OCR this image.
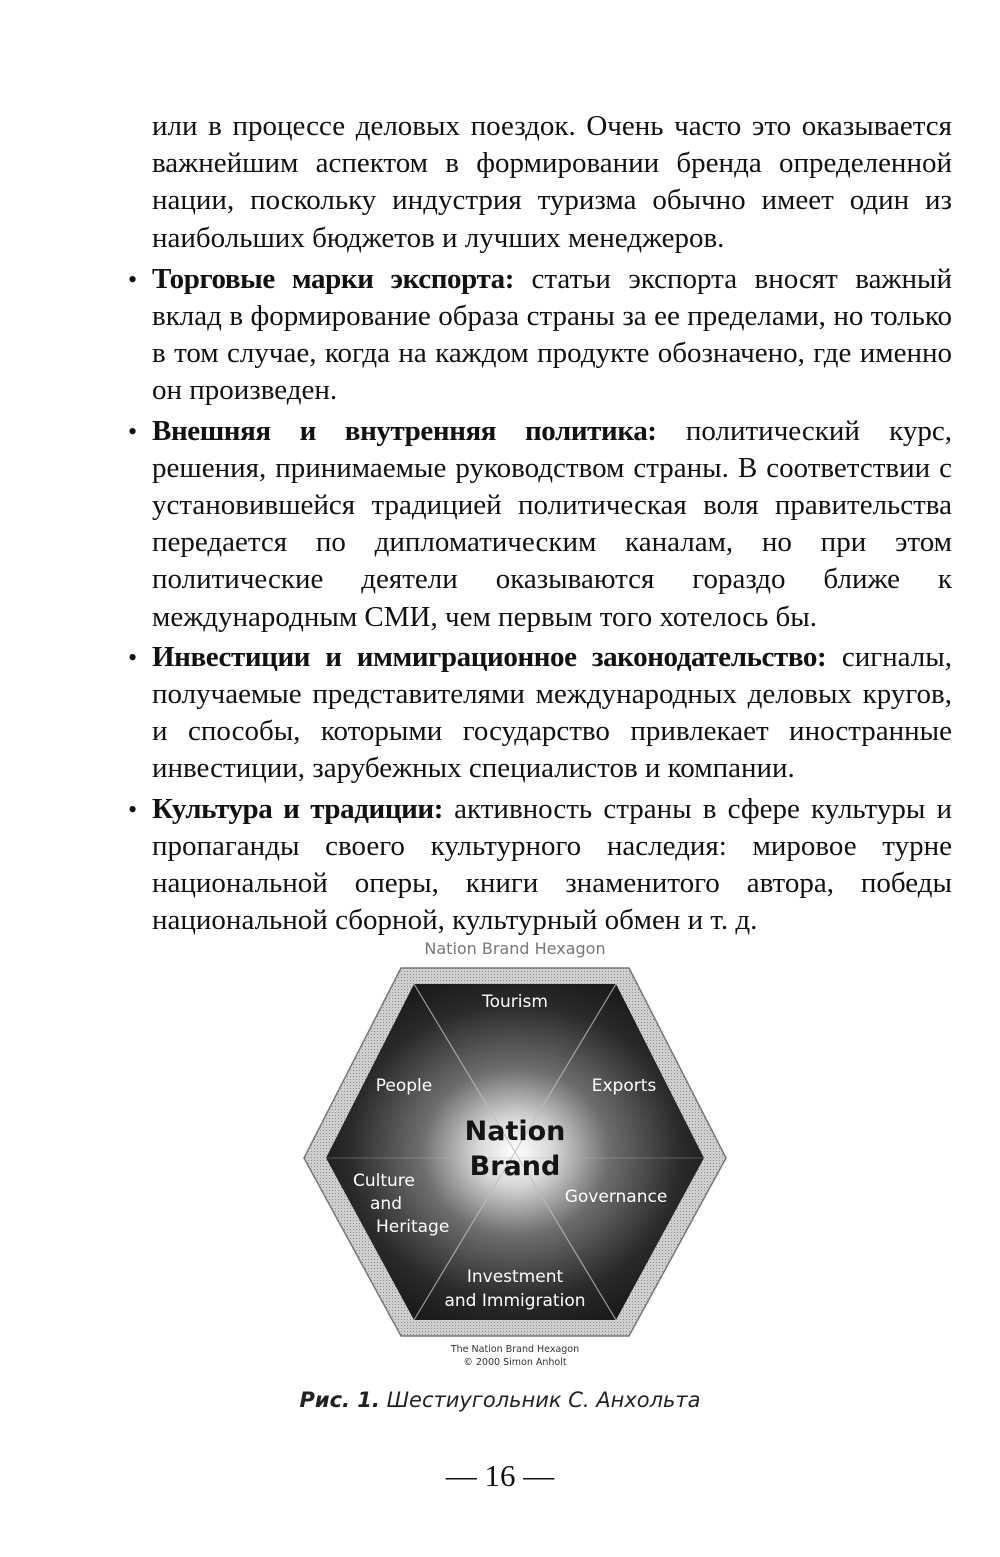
или в процессе деловых поездок. Очень часто это оказывается важнейшим аспектом в формировании бренда определенной нации, поскольку индустрия туризма обычно имеет один из наибольших бюджетов и лучших менеджеров.

• Торговые марки экспорта: статьи экспорта вносят важный вклад в формирование образа страны за ее пределами, но только в том случае, когда на каждом продукте обозначено, где именно он произведен.
• Внешняя и внутренняя политика: политический курс, решения, принимаемые руководством страны. В соответствии с установившейся традицией политическая воля правительства передается по дипломатическим каналам, но при этом политические деятели оказываются гораздо ближе к международным СМИ, чем первым того хотелось бы.
• Инвестиции и иммиграционное законодательство: сигналы, получаемые представителями международных деловых кругов, и способы, которыми государство привлекает иностранные инвестиции, зарубежных специалистов и компании.
• Культура и традиции: активность страны в сфере культуры и пропаганды своего культурного наследия: мировое турне национальной оперы, книги знаменитого автора, победы национальной сборной, культурный обмен и т. д.
Nation Brand Hexagon
Tourism
Exports
Governance
Investment
and Immigration
Culture
and
Heritage
People
Nation
Brand
The Nation Brand Hexagon
© 2000 Simon Anholt
Рис. 1. Шестиугольник С. Анхольта
— 16 —
